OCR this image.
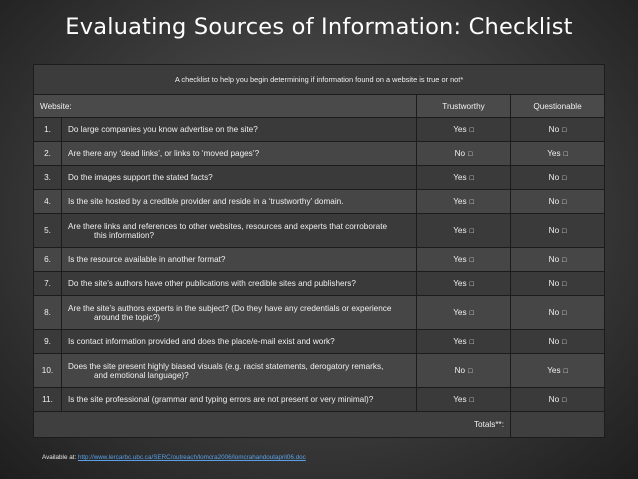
Evaluating Sources of Information: Checklist
A checklist to help you begin determining if information found on a website is true or not*			
Website:		Trustworthy	Questionable
1.	Do large companies you know advertise on the site?	Yes □	No □
2.	Are there any ‘dead links’, or links to ‘moved pages’?	No □	Yes □
3.	Do the images support the stated facts?	Yes □	No □
4.	Is the site hosted by a credible provider and reside in a ‘trustworthy’ domain.	Yes □	No □
5.	Are there links and references to other websites, resources and experts that corroborate
this information?	Yes □	No □
6.	Is the resource available in another format?	Yes □	No □
7.	Do the site’s authors have other publications with credible sites and publishers?	Yes □	No □
8.	Are the site’s authors experts in the subject? (Do they have any credentials or experience
around the topic?)	Yes □	No □
9.	Is contact information provided and does the place/e-mail exist and work?	Yes □	No □
10.	Does the site present highly biased visuals (e.g. racist statements, derogatory remarks,
and emotional language)?	No □	Yes □
11.	Is the site professional (grammar and typing errors are not present or very minimal)?	Yes □	No □
Totals**:			
Available at: http://www.lercarbc.ubc.ca/SERC/outreach/lomcra2006/lomcrahandoutapril06.doc
